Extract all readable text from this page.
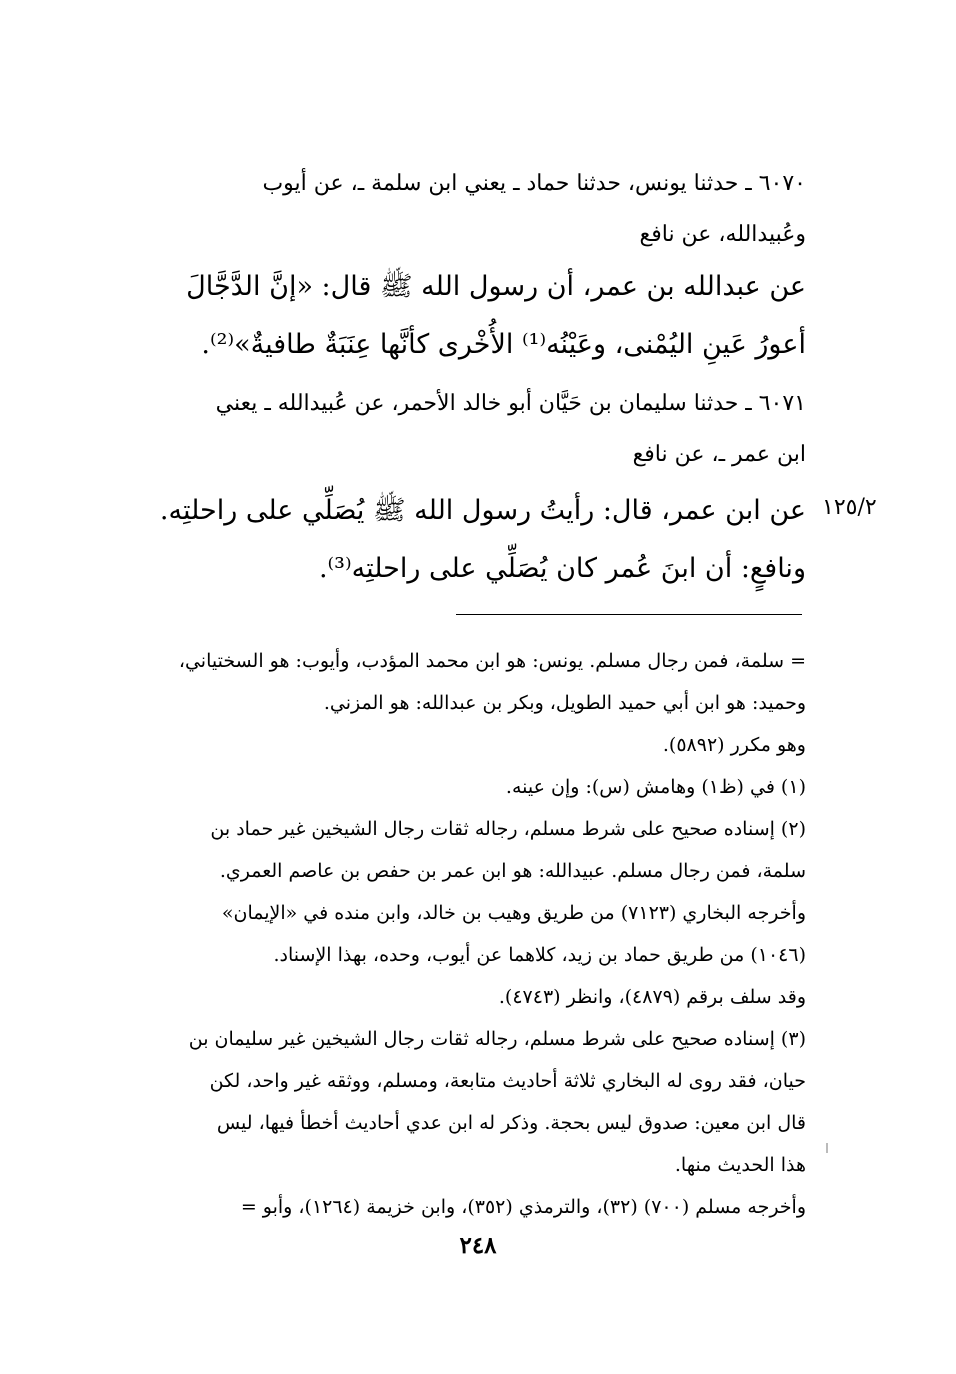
٦٠٧٠ ـ حدثنا يونس، حدثنا حماد ـ يعني ابن سلمة ـ، عن أيوب
وعُبيدالله، عن نافع
عن عبدالله بن عمر، أن رسول الله ﷺ قال: «إنَّ الدَّجَّالَ
أعورُ عَينِ اليُمْنى، وعَيْنُه⁽¹⁾ الأُخْرى كأنَّها عِنَبَةٌ طافيةٌ»⁽²⁾.
٦٠٧١ ـ حدثنا سليمان بن حَيَّان أبو خالد الأحمر، عن عُبيدالله ـ يعني
ابن عمر ـ، عن نافع
١٢٥/٢
عن ابن عمر، قال: رأيتُ رسول الله ﷺ يُصَلِّي على راحلتِه.
ونافعٍ: أن ابنَ عُمر كان يُصَلِّي على راحلتِه⁽³⁾.
= سلمة، فمن رجال مسلم. يونس: هو ابن محمد المؤدب، وأيوب: هو السختياني،
وحميد: هو ابن أبي حميد الطويل، وبكر بن عبدالله: هو المزني.
وهو مكرر (٥٨٩٢).
(١) في (ظ١) وهامش (س): وإن عينه.
(٢) إسناده صحيح على شرط مسلم، رجاله ثقات رجال الشيخين غير حماد بن
سلمة، فمن رجال مسلم. عبيدالله: هو ابن عمر بن حفص بن عاصم العمري.
وأخرجه البخاري (٧١٢٣) من طريق وهيب بن خالد، وابن منده في «الإيمان»
(١٠٤٦) من طريق حماد بن زيد، كلاهما عن أيوب، وحده، بهذا الإسناد.
وقد سلف برقم (٤٨٧٩)، وانظر (٤٧٤٣).
(٣) إسناده صحيح على شرط مسلم، رجاله ثقات رجال الشيخين غير سليمان بن
حيان، فقد روى له البخاري ثلاثة أحاديث متابعة، ومسلم، ووثقه غير واحد، لكن
قال ابن معين: صدوق ليس بحجة. وذكر له ابن عدي أحاديث أخطأ فيها، ليس
هذا الحديث منها.
وأخرجه مسلم (٧٠٠) (٣٢)، والترمذي (٣٥٢)، وابن خزيمة (١٢٦٤)، وأبو =
٢٤٨
